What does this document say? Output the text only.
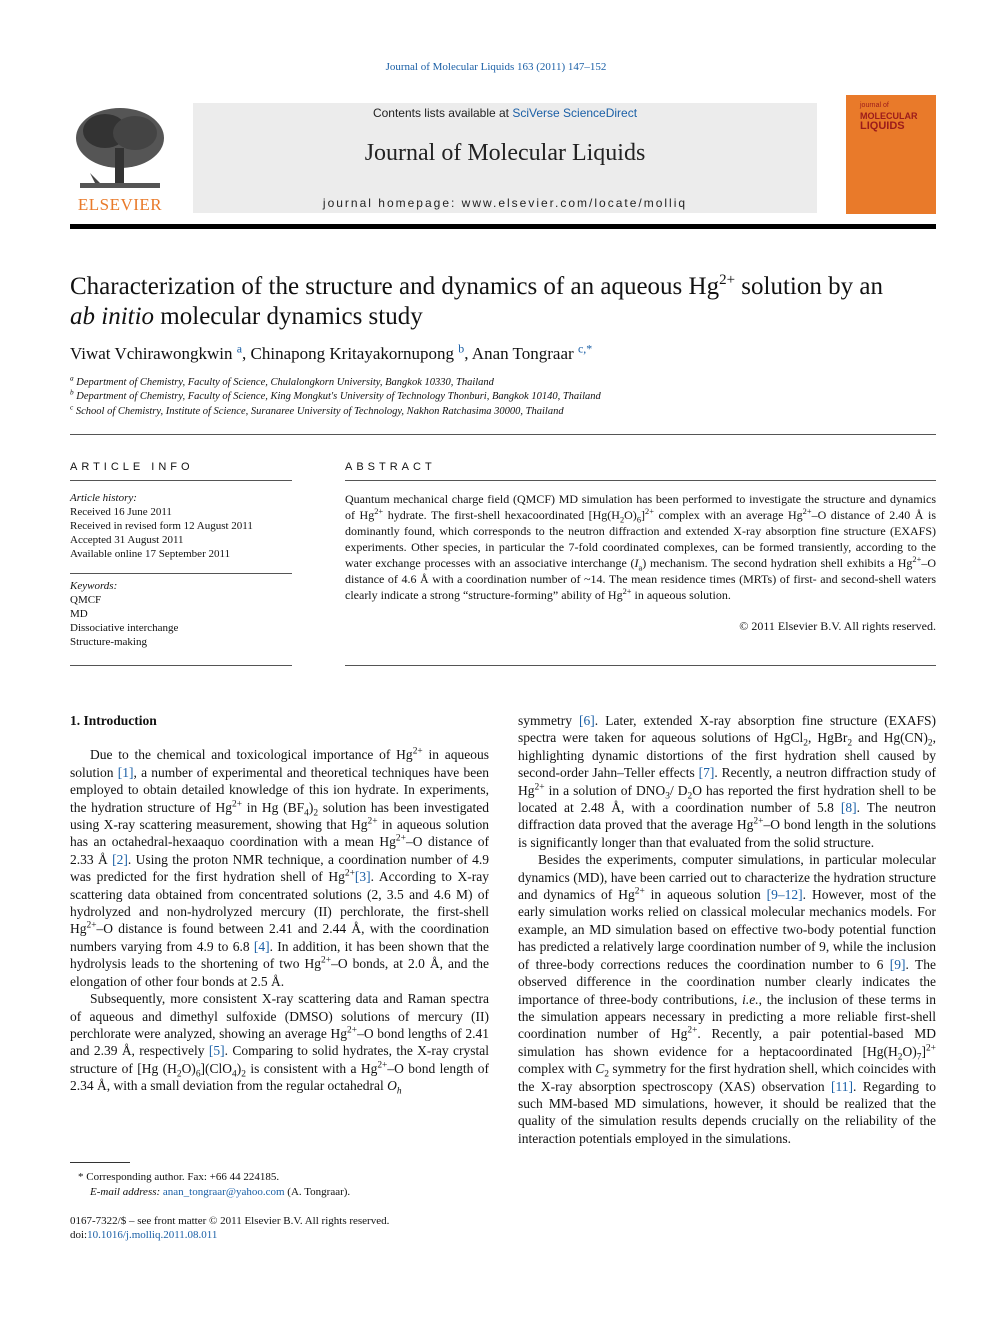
Journal of Molecular Liquids 163 (2011) 147–152
ELSEVIER
Contents lists available at SciVerse ScienceDirect
Journal of Molecular Liquids
journal homepage: www.elsevier.com/locate/molliq
journal of
MOLECULAR
LIQUIDS
Characterization of the structure and dynamics of an aqueous $Hg^{2+}$ solution by an
ab initio molecular dynamics study
Viwat Vchirawongkwin $^a$, Chinapong Kritayakornupong $^b$, Anan Tongraar $^{c,*}$
$^a$ Department of Chemistry, Faculty of Science, Chulalongkorn University, Bangkok 10330, Thailand
$^b$ Department of Chemistry, Faculty of Science, King Mongkut's University of Technology Thonburi, Bangkok 10140, Thailand
$^c$ School of Chemistry, Institute of Science, Suranaree University of Technology, Nakhon Ratchasima 30000, Thailand
ARTICLE INFO
Article history:
Received 16 June 2011
Received in revised form 12 August 2011
Accepted 31 August 2011
Available online 17 September 2011
Keywords:
QMCF
MD
Dissociative interchange
Structure-making
ABSTRACT
Quantum mechanical charge field (QMCF) MD simulation has been performed to investigate the structure and dynamics of $Hg^{2+}$ hydrate. The first-shell hexacoordinated $[Hg(H_2O)_6]^{2+}$ complex with an average $Hg^{2+}-O$ distance of 2.40 Å is dominantly found, which corresponds to the neutron diffraction and extended X-ray absorption fine structure (EXAFS) experiments. Other species, in particular the 7-fold coordinated complexes, can be formed transiently, according to the water exchange processes with an associative interchange $(I_a)$ mechanism. The second hydration shell exhibits a $Hg^{2+}-O$ distance of 4.6 Å with a coordination number of ~14. The mean residence times (MRTs) of first- and second-shell waters clearly indicate a strong “structure-forming” ability of $Hg^{2+}$ in aqueous solution.
© 2011 Elsevier B.V. All rights reserved.

1. Introduction

Due to the chemical and toxicological importance of $Hg^{2+}$ in aqueous solution [1], a number of experimental and theoretical techniques have been employed to obtain detailed knowledge of this ion hydrate. In experiments, the hydration structure of $Hg^{2+}$ in Hg $(BF_4)_2$ solution has been investigated using X-ray scattering measurement, showing that $Hg^{2+}$ in aqueous solution has an octahedral-hexaaquo coordination with a mean $Hg^{2+}-O$ distance of 2.33 Å [2]. Using the proton NMR technique, a coordination number of 4.9 was predicted for the first hydration shell of $Hg^{2+}[3]$. According to X-ray scattering data obtained from concentrated solutions (2, 3.5 and 4.6 M) of hydrolyzed and non-hydrolyzed mercury (II) perchlorate, the first-shell $Hg^{2+}-O$ distance is found between 2.41 and 2.44 Å, with the coordination numbers varying from 4.9 to 6.8 [4]. In addition, it has been shown that the hydrolysis leads to the shortening of two $Hg^{2+}-O$ bonds, at 2.0 Å, and the elongation of other four bonds at 2.5 Å.

Subsequently, more consistent X-ray scattering data and Raman spectra of aqueous and dimethyl sulfoxide (DMSO) solutions of mercury (II) perchlorate were analyzed, showing an average $Hg^{2+}-O$ bond lengths of 2.41 and 2.39 Å, respectively [5]. Comparing to solid hydrates, the X-ray crystal structure of [Hg $(H_2O)_6](ClO_4)_2$ is consistent with a $Hg^{2+}-O$ bond length of 2.34 Å, with a small deviation from the regular octahedral $O_h$

symmetry [6]. Later, extended X-ray absorption fine structure (EXAFS) spectra were taken for aqueous solutions of HgCl$_2$, HgBr$_2$ and $Hg(CN)_2$, highlighting dynamic distortions of the first hydration shell caused by second-order Jahn–Teller effects [7]. Recently, a neutron diffraction study of $Hg^{2+}$ in a solution of $DNO_3/$ $D_2O$ has reported the first hydration shell to be located at 2.48 Å, with a coordination number of 5.8 [8]. The neutron diffraction data proved that the average $Hg^{2+}-O$ bond length in the solutions is significantly longer than that evaluated from the solid structure.

Besides the experiments, computer simulations, in particular molecular dynamics (MD), have been carried out to characterize the hydration structure and dynamics of $Hg^{2+}$ in aqueous solution [9–12]. However, most of the early simulation works relied on classical molecular mechanics models. For example, an MD simulation based on effective two-body potential function has predicted a relatively large coordination number of 9, while the inclusion of three-body corrections reduces the coordination number to 6 [9]. The observed difference in the coordination number clearly indicates the importance of three-body contributions, i.e., the inclusion of these terms in the simulation appears necessary in predicting a more reliable first-shell coordination number of $Hg^{2+}$. Recently, a pair potential-based MD simulation has shown evidence for a heptacoordinated $[Hg(H_2O)_7]^{2+}$ complex with $C_2$ symmetry for the first hydration shell, which coincides with the X-ray absorption spectroscopy (XAS) observation [11]. Regarding to such MM-based MD simulations, however, it should be realized that the quality of the simulation results depends crucially on the reliability of the interaction potentials employed in the simulations.

* Corresponding author. Fax: +66 44 224185.
E-mail address: anan_tongraar@yahoo.com (A. Tongraar).
0167-7322/$ – see front matter © 2011 Elsevier B.V. All rights reserved.
doi:10.1016/j.molliq.2011.08.011
